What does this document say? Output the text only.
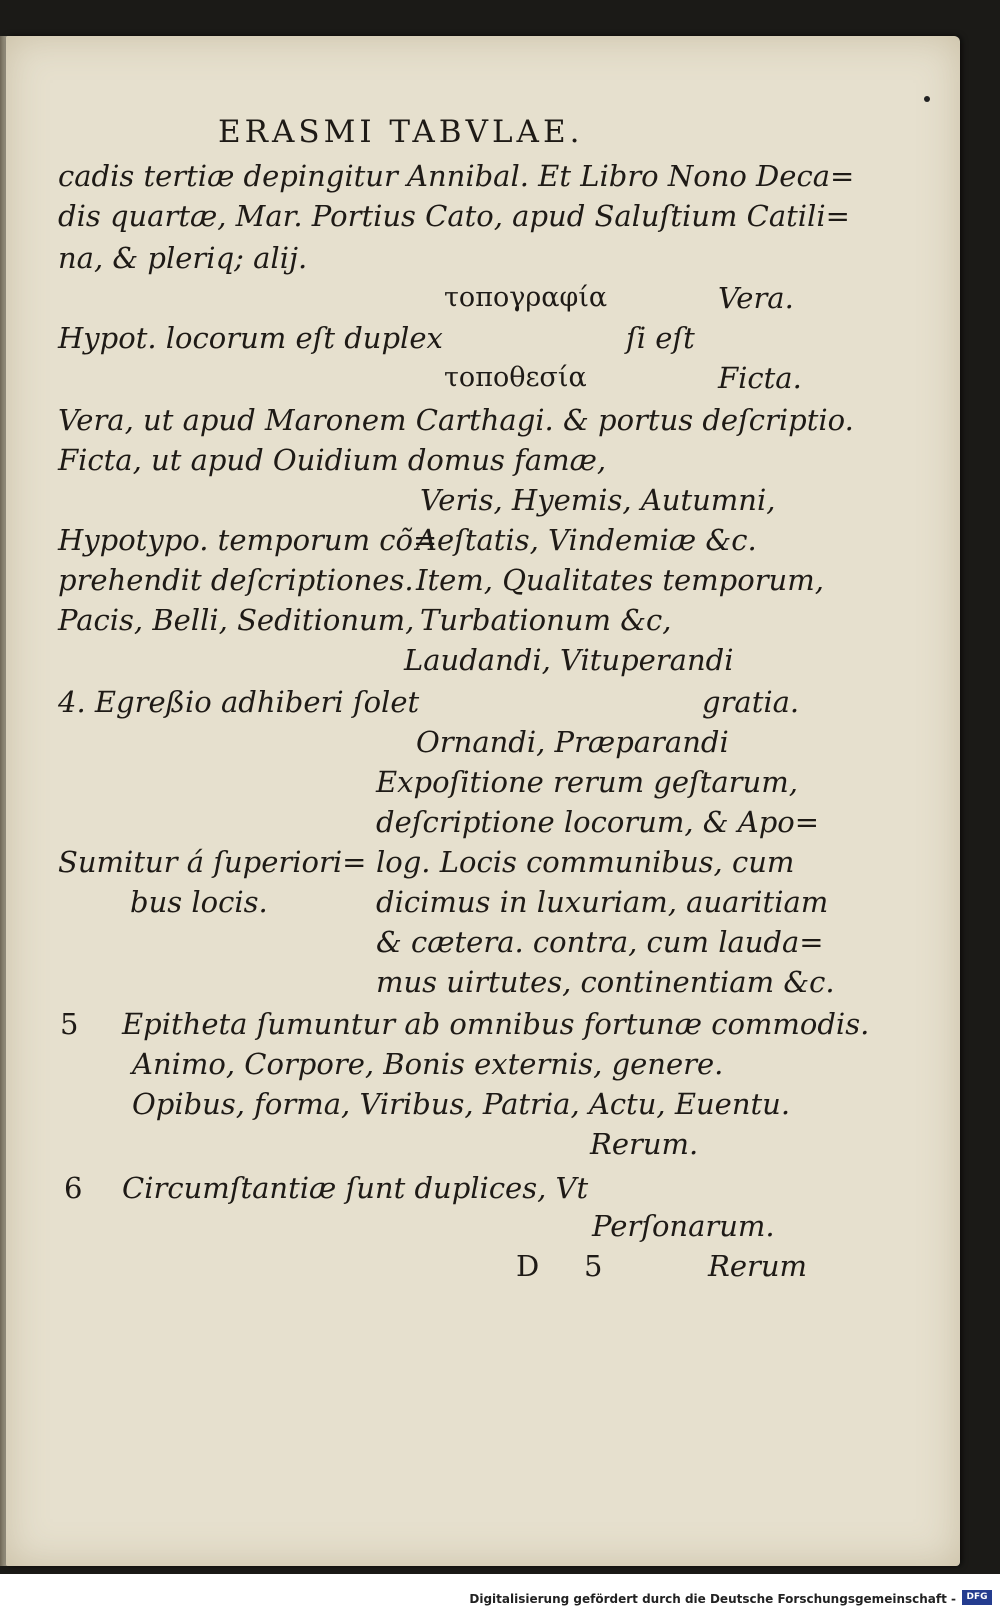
ERASMI TABVLAE.
cadis tertiæ depingitur Annibal. Et Libro Nono Deca=
dis quartæ, Mar. Portius Cato, apud Saluſtium Catili=
na, & pleriq; alij.
τοπογραφία	Vera.
Hypot. locorum eſt duplex	ſi eſt
τοποθεσία	Ficta.
Vera, ut apud Maronem Carthagi. & portus deſcriptio.
Ficta, ut apud Ouidium domus famæ,
Veris, Hyemis, Autumni,
Hypotypo. temporum cõ=
Aeſtatis, Vindemiæ &c.
prehendit deſcriptiones. Item, Qualitates temporum,
Pacis, Belli, Seditionum, Turbationum &c,
Laudandi, Vituperandi
4. Egreßio adhiberi ſolet	gratia.
Ornandi, Præparandi
Expoſitione rerum geſtarum,
deſcriptione locorum, & Apo=
Sumitur á ſuperiori= log. Locis communibus, cum
bus locis.	dicimus in luxuriam, auaritiam
& cætera. contra, cum lauda=
mus uirtutes, continentiam &c.
5 Epitheta ſumuntur ab omnibus fortunæ commodis.
Animo, Corpore, Bonis externis, genere.
Opibus, forma, Viribus, Patria, Actu, Euentu.
Rerum.
6 Circumſtantiæ ſunt duplices, Vt
Perſonarum.
D 5	Rerum
Digitalisierung gefördert durch die Deutsche Forschungsgemeinschaft -	DFG
